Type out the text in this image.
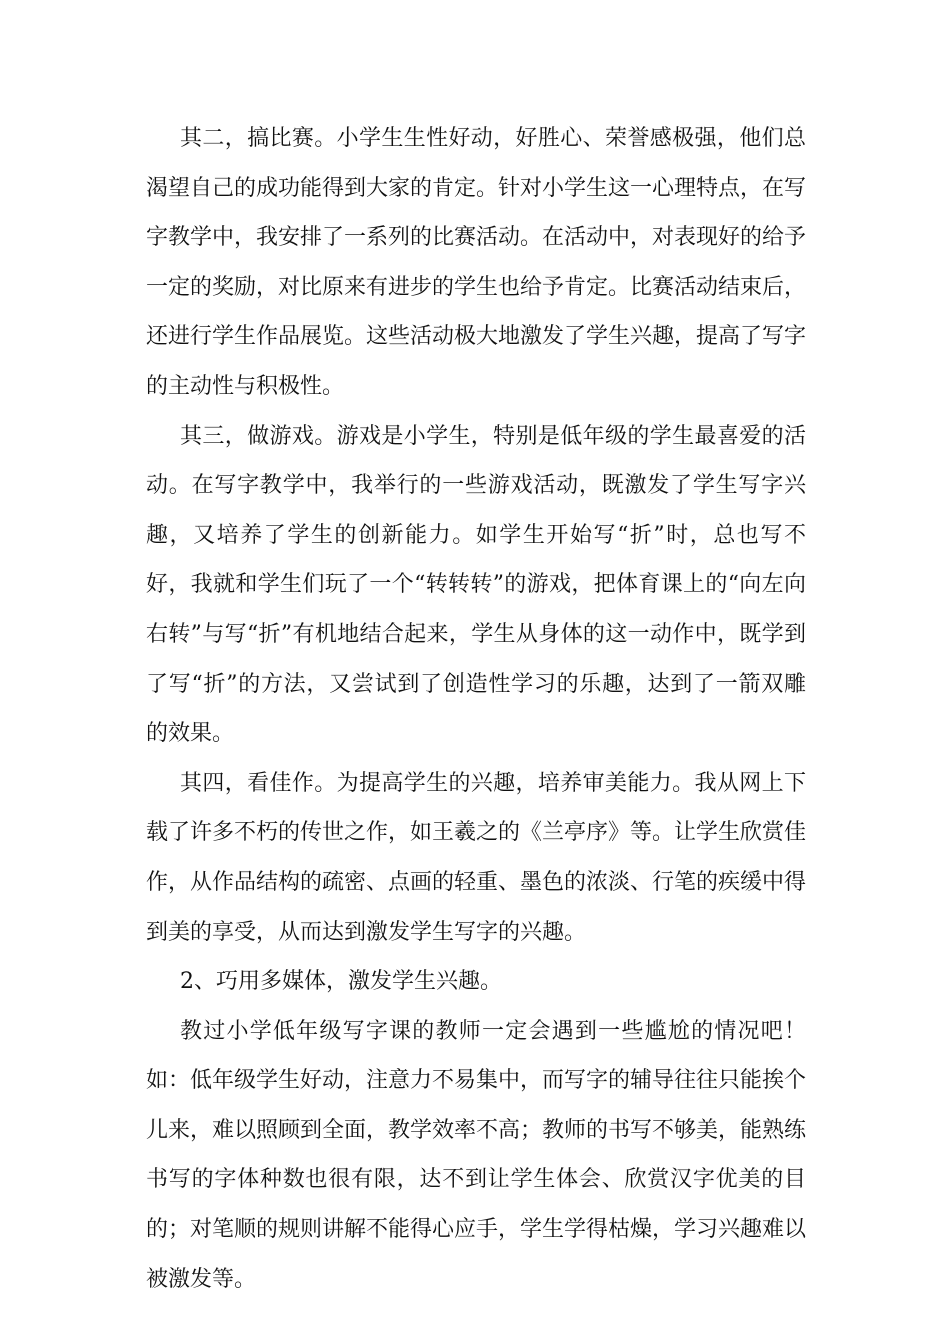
其二，搞比赛。小学生生性好动，好胜心、荣誉感极强，他们总渴望自己的成功能得到大家的肯定。针对小学生这一心理特点，在写字教学中，我安排了一系列的比赛活动。在活动中，对表现好的给予一定的奖励，对比原来有进步的学生也给予肯定。比赛活动结束后，还进行学生作品展览。这些活动极大地激发了学生兴趣，提高了写字的主动性与积极性。

其三，做游戏。游戏是小学生，特别是低年级的学生最喜爱的活动。在写字教学中，我举行的一些游戏活动，既激发了学生写字兴趣，又培养了学生的创新能力。如学生开始写“折”时，总也写不好，我就和学生们玩了一个“转转转”的游戏，把体育课上的“向左向右转”与写“折”有机地结合起来，学生从身体的这一动作中，既学到了写“折”的方法，又尝试到了创造性学习的乐趣，达到了一箭双雕的效果。

其四，看佳作。为提高学生的兴趣，培养审美能力。我从网上下载了许多不朽的传世之作，如王羲之的《兰亭序》等。让学生欣赏佳作，从作品结构的疏密、点画的轻重、墨色的浓淡、行笔的疾缓中得到美的享受，从而达到激发学生写字的兴趣。

2、巧用多媒体，激发学生兴趣。

教过小学低年级写字课的教师一定会遇到一些尴尬的情况吧！如：低年级学生好动，注意力不易集中，而写字的辅导往往只能挨个儿来，难以照顾到全面，教学效率不高；教师的书写不够美，能熟练书写的字体种数也很有限，达不到让学生体会、欣赏汉字优美的目的；对笔顺的规则讲解不能得心应手，学生学得枯燥，学习兴趣难以被激发等。
